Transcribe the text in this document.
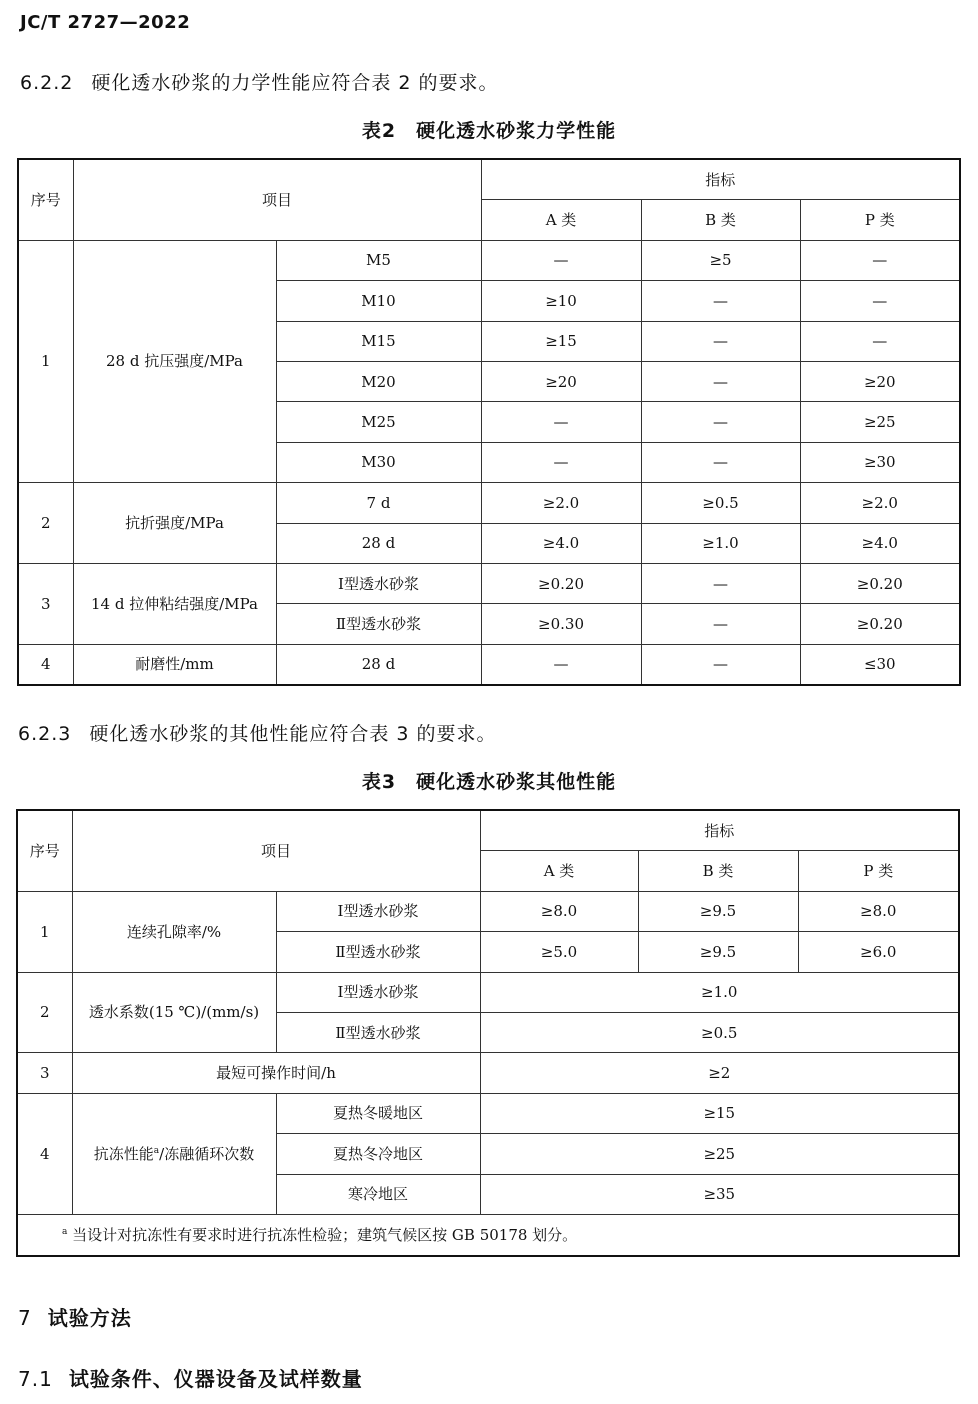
JC/T 2727—2022
6.2.2 硬化透水砂浆的力学性能应符合表 2 的要求。
表2 硬化透水砂浆力学性能
序号	项目		指标		
			A 类	B 类	P 类
1	28 d 抗压强度/MPa	M5	—	≥5	—
		M10	≥10	—	—
		M15	≥15	—	—
		M20	≥20	—	≥20
		M25	—	—	≥25
		M30	—	—	≥30
2	抗折强度/MPa	7 d	≥2.0	≥0.5	≥2.0
		28 d	≥4.0	≥1.0	≥4.0
3	14 d 拉伸粘结强度/MPa	Ⅰ型透水砂浆	≥0.20	—	≥0.20
		Ⅱ型透水砂浆	≥0.30	—	≥0.20
4	耐磨性/mm	28 d	—	—	≤30
6.2.3 硬化透水砂浆的其他性能应符合表 3 的要求。
表3 硬化透水砂浆其他性能
序号	项目		指标		
			A 类	B 类	P 类
1	连续孔隙率/%	Ⅰ型透水砂浆	≥8.0	≥9.5	≥8.0
		Ⅱ型透水砂浆	≥5.0	≥9.5	≥6.0
2	透水系数(15 ℃)/(mm/s)	Ⅰ型透水砂浆	≥1.0		
		Ⅱ型透水砂浆	≥0.5		
3	最短可操作时间/h		≥2		
4	抗冻性能$^a$/冻融循环次数	夏热冬暖地区	≥15		
		夏热冬冷地区	≥25		
		寒冷地区	≥35		
$^a$ 当设计对抗冻性有要求时进行抗冻性检验；建筑气候区按 GB 50178 划分。					
7 试验方法
7.1 试验条件、仪器设备及试样数量
